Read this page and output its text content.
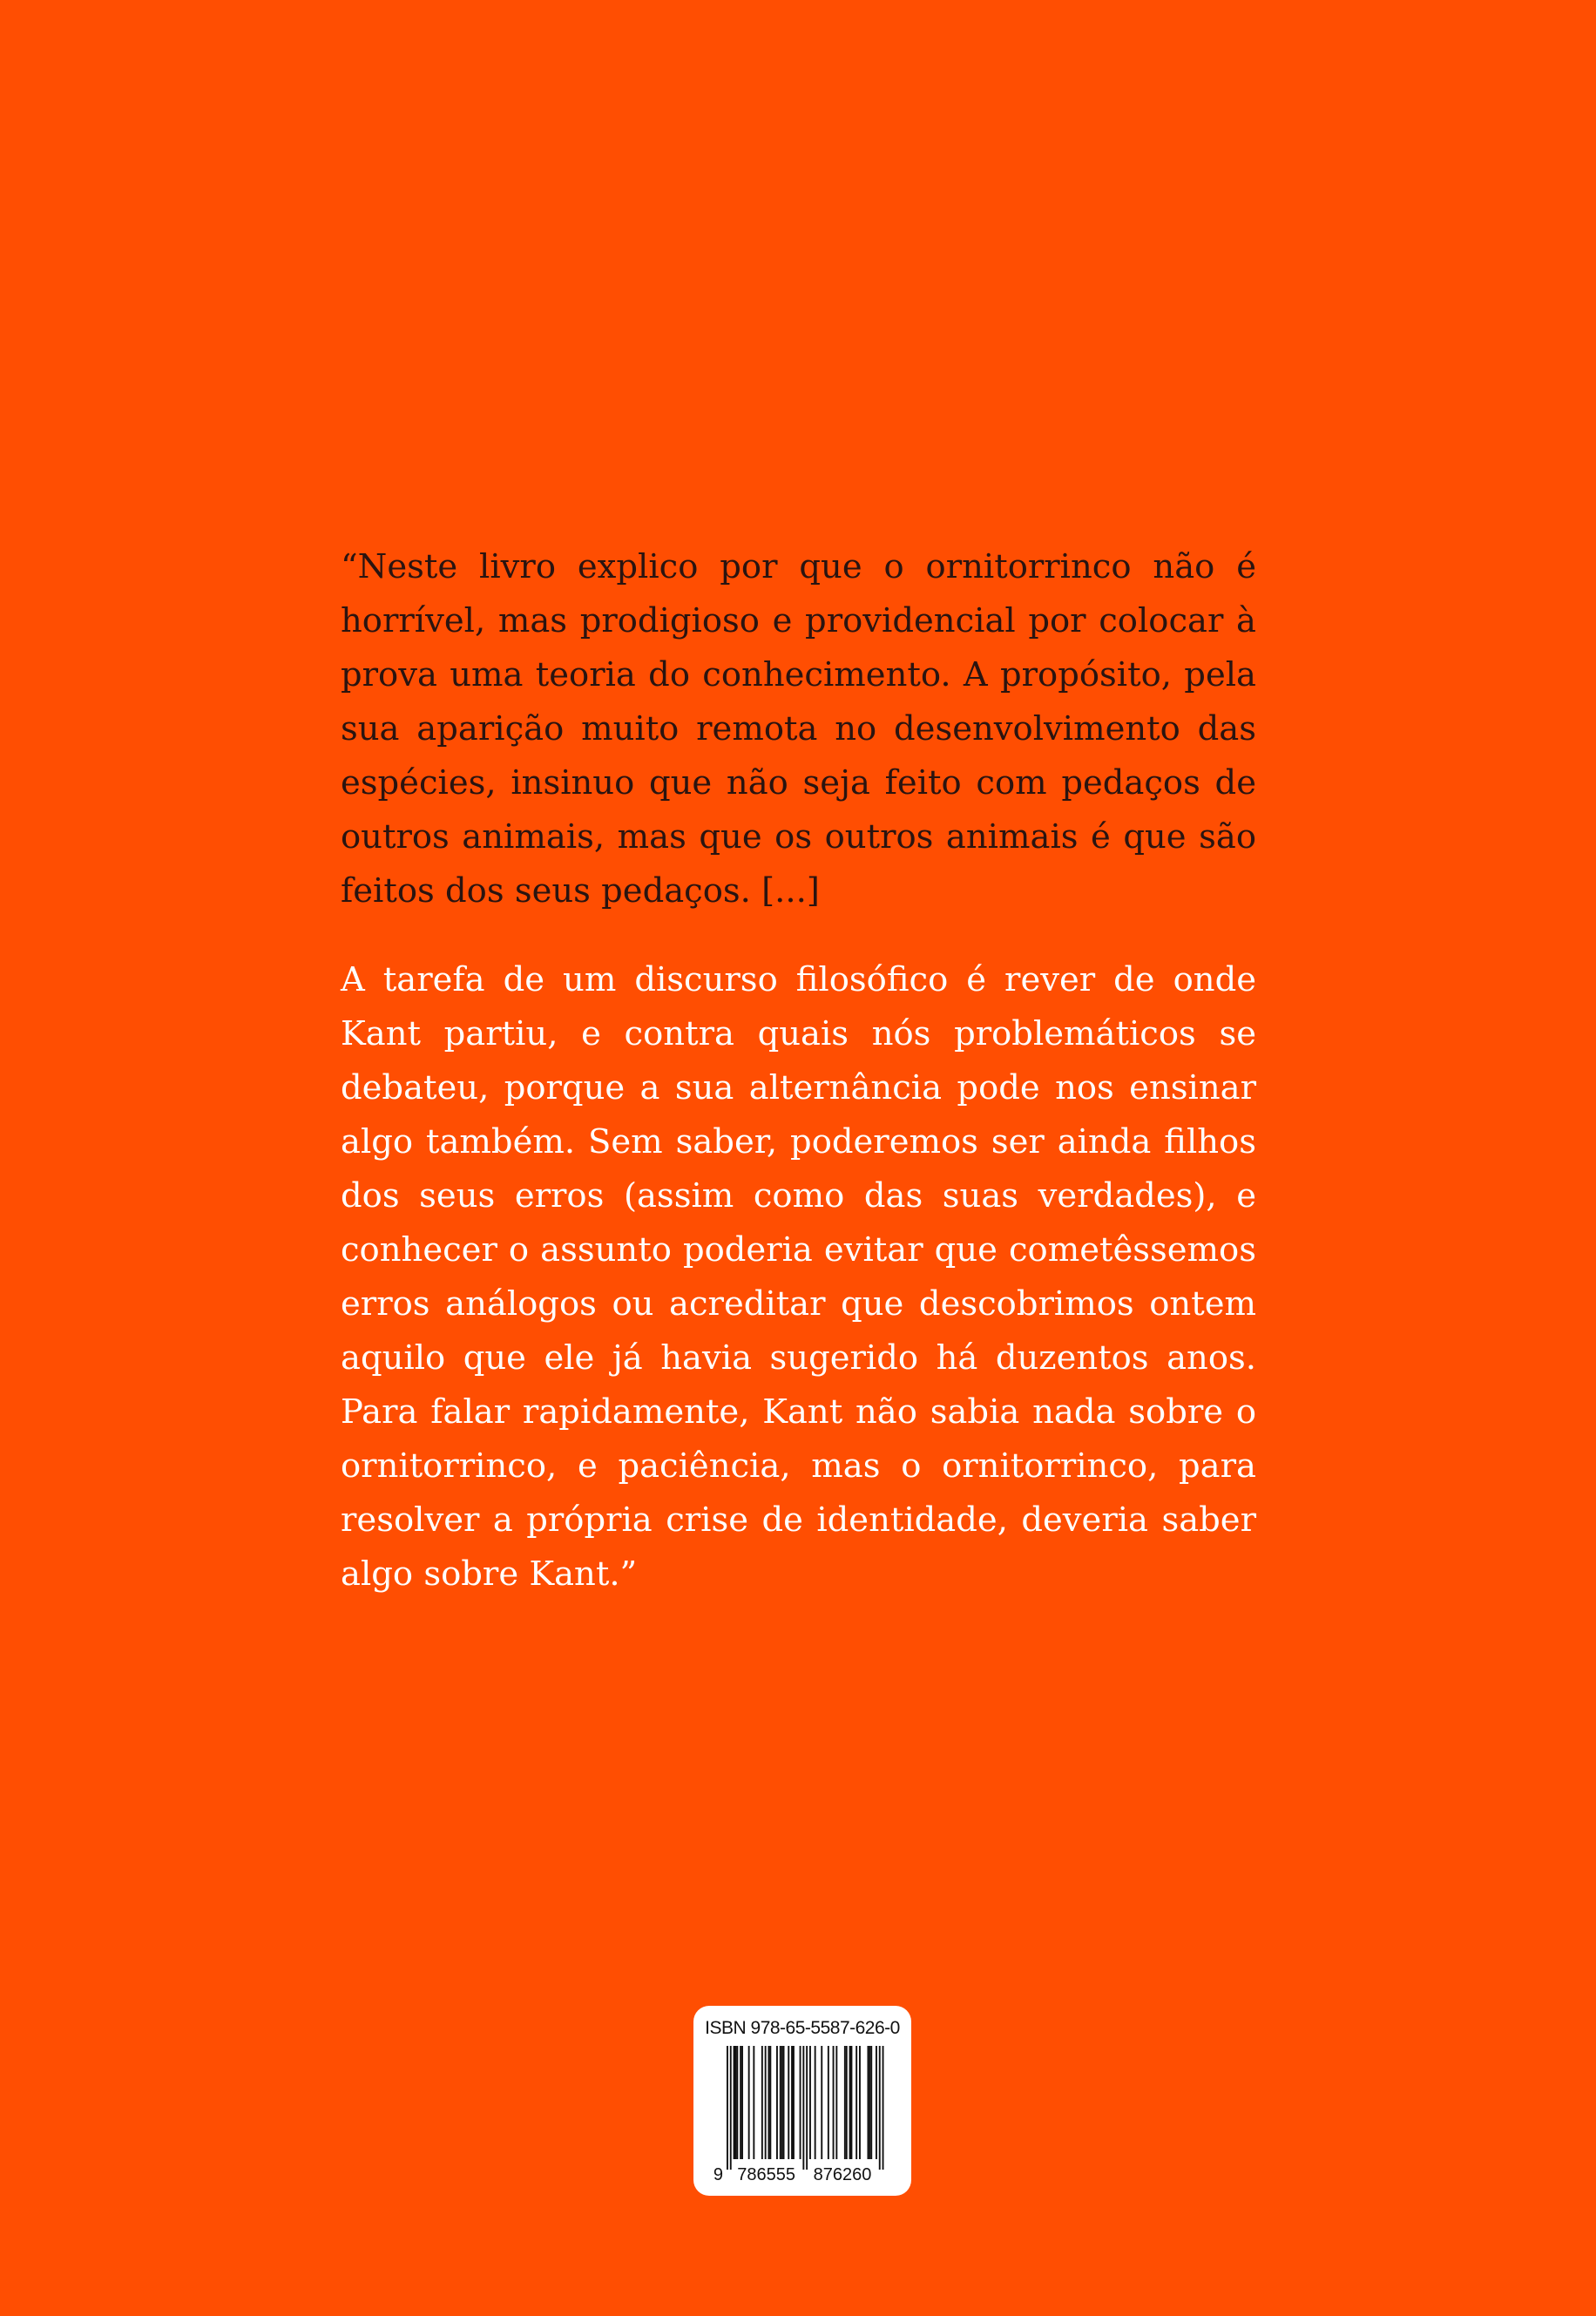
“Neste livro explico por que o ornitorrinco não é horrível, mas prodigioso e providencial por colocar à prova uma teoria do conhecimento. A propósito, pela sua aparição muito remota no desenvolvimento das espécies, insinuo que não seja feito com pedaços de outros animais, mas que os outros animais é que são feitos dos seus pedaços. [...]

A tarefa de um discurso filosófico é rever de onde Kant partiu, e contra quais nós problemáticos se debateu, porque a sua alternância pode nos ensinar algo também. Sem saber, poderemos ser ainda filhos dos seus erros (assim como das suas verdades), e conhecer o assunto poderia evitar que cometêssemos erros análogos ou acreditar que descobrimos ontem aquilo que ele já havia sugerido há duzentos anos. Para falar rapidamente, Kant não sabia nada sobre o ornitorrinco, e paciência, mas o ornitorrinco, para resolver a própria crise de identidade, deveria saber algo sobre Kant.”

ISBN 978-65-5587-626-0
9 786555 876260
